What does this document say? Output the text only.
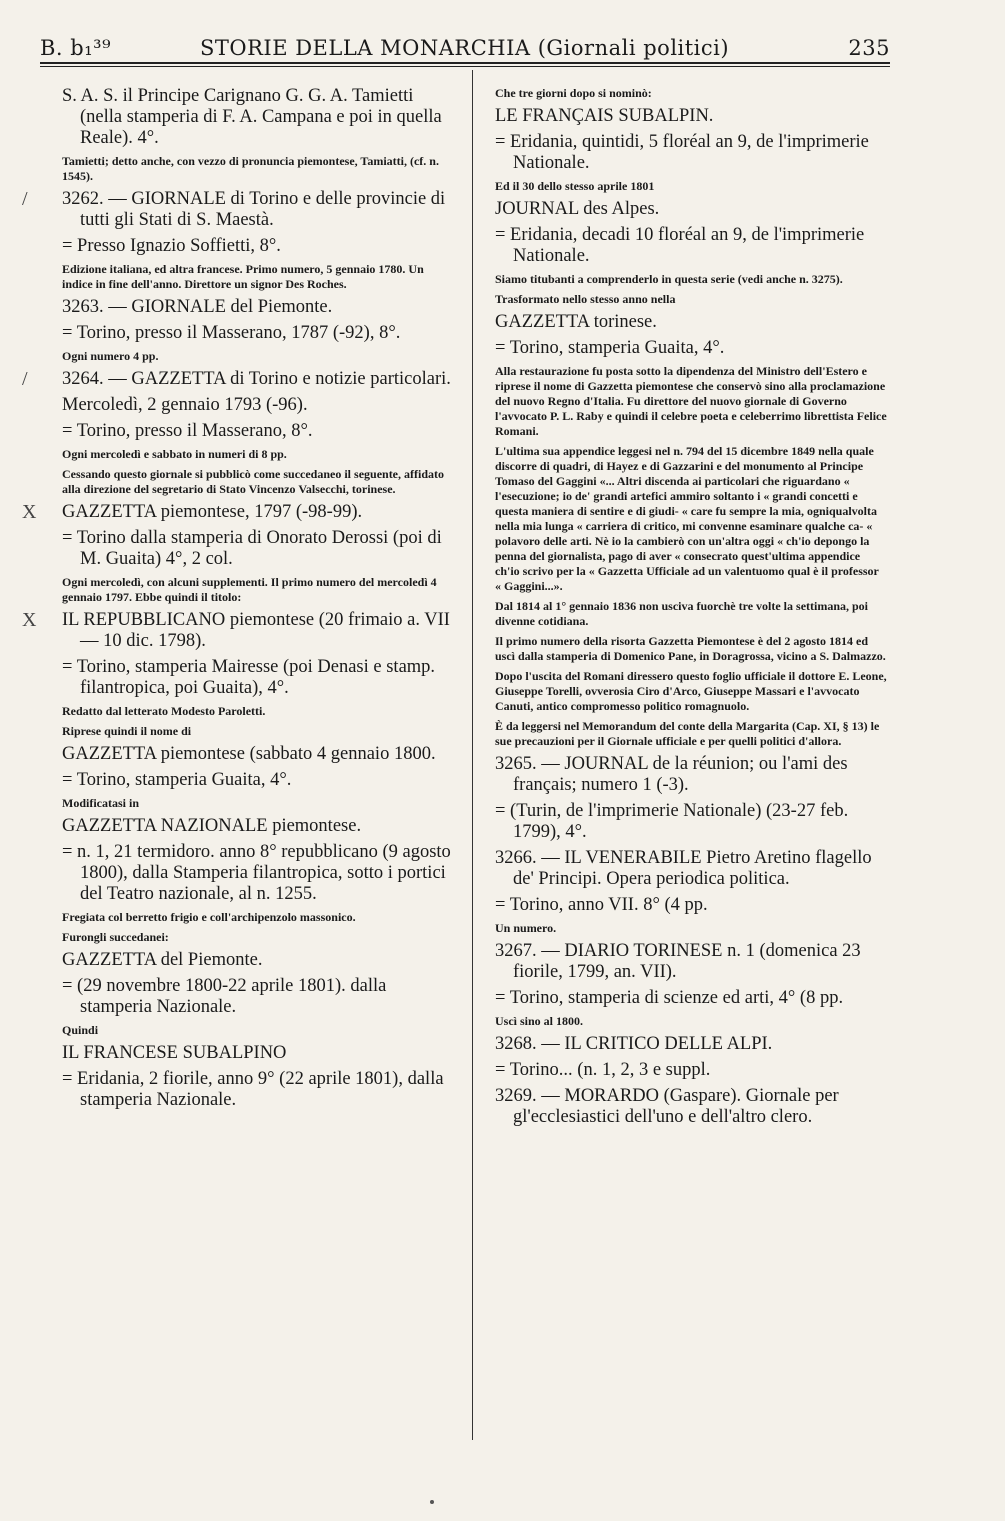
B. b₁³⁹	STORIE DELLA MONARCHIA (Giornali politici)	235

S. A. S. il Principe Carignano G. G. A. Tamietti (nella stamperia di F. A. Campana e poi in quella Reale). 4°.

Tamietti; detto anche, con vezzo di pronuncia piemontese, Tamiatti, (cf. n. 1545).

/	3262. — GIORNALE di Torino e delle provincie di tutti gli Stati di S. Maestà.

= Presso Ignazio Soffietti, 8°.

Edizione italiana, ed altra francese. Primo numero, 5 gennaio 1780. Un indice in fine dell'anno. Direttore un signor Des Roches.

3263. — GIORNALE del Piemonte.

= Torino, presso il Masserano, 1787 (-92), 8°.

Ogni numero 4 pp.

/	3264. — GAZZETTA di Torino e notizie particolari.

Mercoledì, 2 gennaio 1793 (-96).

= Torino, presso il Masserano, 8°.

Ogni mercoledì e sabbato in numeri di 8 pp.

Cessando questo giornale si pubblicò come succedaneo il seguente, affidato alla direzione del segretario di Stato Vincenzo Valsecchi, torinese.

X GAZZETTA piemontese, 1797 (-98-99).

= Torino dalla stamperia di Onorato Derossi (poi di M. Guaita) 4°, 2 col.

Ogni mercoledì, con alcuni supplementi. Il primo numero del mercoledì 4 gennaio 1797. Ebbe quindi il titolo:

X IL REPUBBLICANO piemontese (20 frimaio a. VII — 10 dic. 1798).

= Torino, stamperia Mairesse (poi Denasi e stamp. filantropica, poi Guaita), 4°.

Redatto dal letterato Modesto Paroletti.

Riprese quindi il nome di

GAZZETTA piemontese (sabbato 4 gennaio 1800.

= Torino, stamperia Guaita, 4°.

Modificatasi in

GAZZETTA NAZIONALE piemontese.

= n. 1, 21 termidoro. anno 8° repubblicano (9 agosto 1800), dalla Stamperia filantropica, sotto i portici del Teatro nazionale, al n. 1255.

Fregiata col berretto frigio e coll'archipenzolo massonico.

Furongli succedanei:

GAZZETTA del Piemonte.

= (29 novembre 1800-22 aprile 1801). dalla stamperia Nazionale.

Quindi

IL FRANCESE SUBALPINO

= Eridania, 2 fiorile, anno 9° (22 aprile 1801), dalla stamperia Nazionale.

Che tre giorni dopo si nominò:

LE FRANÇAIS SUBALPIN.

= Eridania, quintidi, 5 floréal an 9, de l'imprimerie Nationale.

Ed il 30 dello stesso aprile 1801

JOURNAL des Alpes.

= Eridania, decadi 10 floréal an 9, de l'imprimerie Nationale.

Siamo titubanti a comprenderlo in questa serie (vedi anche n. 3275).

Trasformato nello stesso anno nella

GAZZETTA torinese.

= Torino, stamperia Guaita, 4°.

Alla restaurazione fu posta sotto la dipendenza del Ministro dell'Estero e riprese il nome di Gazzetta piemontese che conservò sino alla proclamazione del nuovo Regno d'Italia. Fu direttore del nuovo giornale di Governo l'avvocato P. L. Raby e quindi il celebre poeta e celeberrimo librettista Felice Romani.

L'ultima sua appendice leggesi nel n. 794 del 15 dicembre 1849 nella quale discorre di quadri, di Hayez e di Gazzarini e del monumento al Principe Tomaso del Gaggini «... Altri discenda ai particolari che riguardano « l'esecuzione; io de' grandi artefici ammiro soltanto i « grandi concetti e questa maniera di sentire e di giudi- « care fu sempre la mia, ogniqualvolta nella mia lunga « carriera di critico, mi convenne esaminare qualche ca- « polavoro delle arti. Nè io la cambierò con un'altra oggi « ch'io depongo la penna del giornalista, pago di aver « consecrato quest'ultima appendice ch'io scrivo per la « Gazzetta Ufficiale ad un valentuomo qual è il professor « Gaggini...».

Dal 1814 al 1° gennaio 1836 non usciva fuorchè tre volte la settimana, poi divenne cotidiana.

Il primo numero della risorta Gazzetta Piemontese è del 2 agosto 1814 ed uscì dalla stamperia di Domenico Pane, in Doragrossa, vicino a S. Dalmazzo.

Dopo l'uscita del Romani diressero questo foglio ufficiale il dottore E. Leone, Giuseppe Torelli, ovverosia Ciro d'Arco, Giuseppe Massari e l'avvocato Canuti, antico compromesso politico romagnuolo.

È da leggersi nel Memorandum del conte della Margarita (Cap. XI, § 13) le sue precauzioni per il Giornale ufficiale e per quelli politici d'allora.

3265. — JOURNAL de la réunion; ou l'ami des français; numero 1 (-3).

= (Turin, de l'imprimerie Nationale) (23-27 feb. 1799), 4°.

3266. — IL VENERABILE Pietro Aretino flagello de' Principi. Opera periodica politica.

= Torino, anno VII. 8° (4 pp.

Un numero.

3267. — DIARIO TORINESE n. 1 (domenica 23 fiorile, 1799, an. VII).

= Torino, stamperia di scienze ed arti, 4° (8 pp.

Uscì sino al 1800.

3268. — IL CRITICO DELLE ALPI.

= Torino... (n. 1, 2, 3 e suppl.

3269. — MORARDO (Gaspare). Giornale per gl'ecclesiastici dell'uno e dell'altro clero.
